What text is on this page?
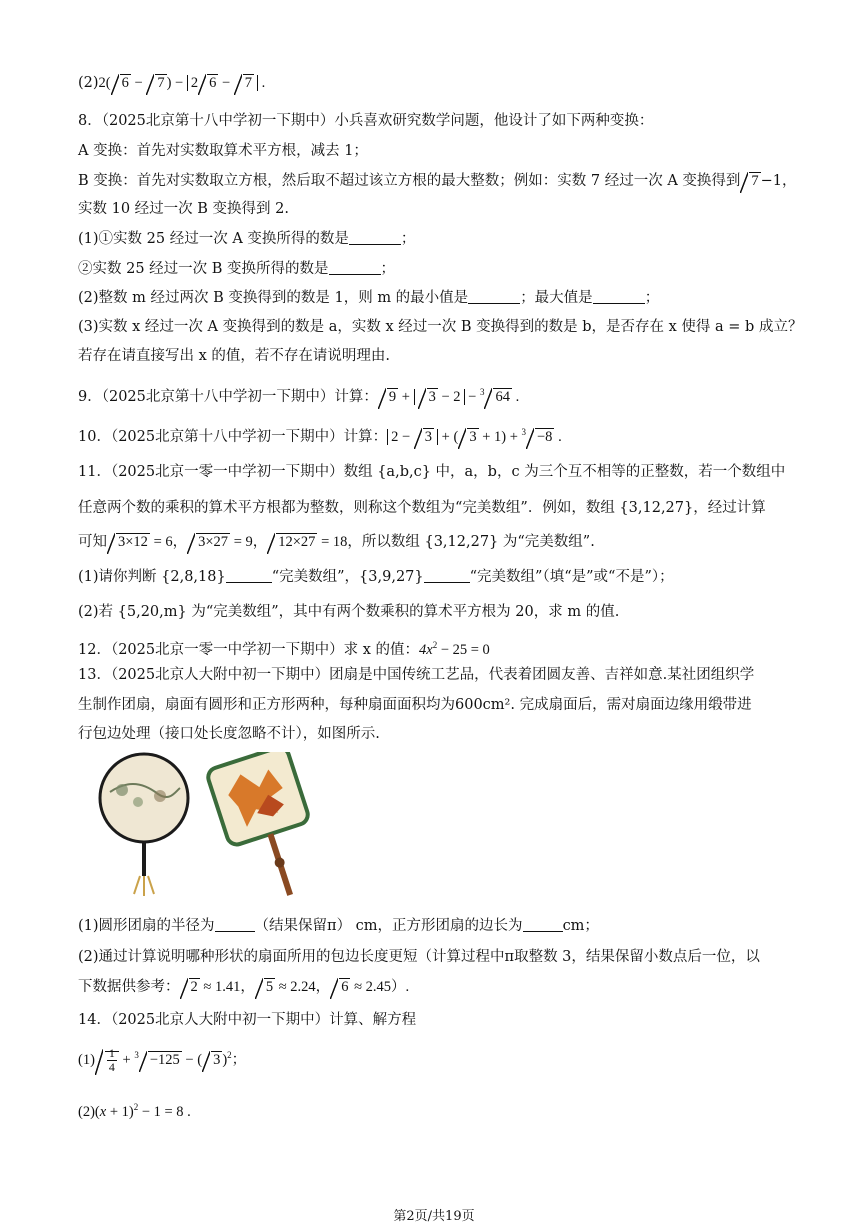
(2)2( 6 − 7 ) − 2 6 − 7 .
8．（2025北京第十八中学初一下期中）小兵喜欢研究数学问题，他设计了如下两种变换：
A 变换：首先对实数取算术平方根，减去 1；
B 变换：首先对实数取立方根，然后取不超过该立方根的最大整数；例如：实数 7 经过一次 A 变换得到 7 −1，
实数 10 经过一次 B 变换得到 2.
(1)①实数 25 经过一次 A 变换所得的数是	；
②实数 25 经过一次 B 变换所得的数是	；
(2)整数 m 经过两次 B 变换得到的数是 1，则 m 的最小值是	；最大值是	；
(3)实数 x 经过一次 A 变换得到的数是 a，实数 x 经过一次 B 变换得到的数是 b，是否存在 x 使得 a = b 成立？
若存在请直接写出 x 的值，若不存在请说明理由.
9．（2025北京第十八中学初一下期中）计算： 9 + 3 − 2 − $^3$ 64 .
10．（2025北京第十八中学初一下期中）计算： 2 − 3 + ( 3 + 1) + $^3$ −8 .
11．（2025北京一零一中学初一下期中）数组 {a,b,c} 中，a，b，c 为三个互不相等的正整数，若一个数组中
任意两个数的乘积的算术平方根都为整数，则称这个数组为“完美数组”．例如，数组 {3,12,27}，经过计算
可知 3×12 = 6， 3×27 = 9， 12×27 = 18，所以数组 {3,12,27} 为“完美数组”.
(1)请你判断 {2,8,18}	“完美数组”，{3,9,27}	“完美数组”（填“是”或“不是”）；
(2)若 {5,20,m} 为“完美数组”，其中有两个数乘积的算术平方根为 20，求 m 的值.
12．（2025北京一零一中学初一下期中）求 x 的值：$4x^2 - 25 = 0$
13．（2025北京人大附中初一下期中）团扇是中国传统工艺品，代表着团圆友善、吉祥如意.某社团组织学
生制作团扇，扇面有圆形和正方形两种，每种扇面面积均为600cm². 完成扇面后，需对扇面边缘用缎带进
行包边处理（接口处长度忽略不计），如图所示.
(1)圆形团扇的半径为	（结果保留π） cm，正方形团扇的边长为	cm；
(2)通过计算说明哪种形状的扇面所用的包边长度更短（计算过程中π取整数 3，结果保留小数点后一位，以
下数据供参考： 2 ≈ 1.41， 5 ≈ 2.24， 6 ≈ 2.45）.
14．（2025北京人大附中初一下期中）计算、解方程
$(1) \frac{1}{4} + ^3 -125$ − ( 3 )$^2$；
$(2)(x + 1)^2 - 1 = 8$ .
第2页/共19页
